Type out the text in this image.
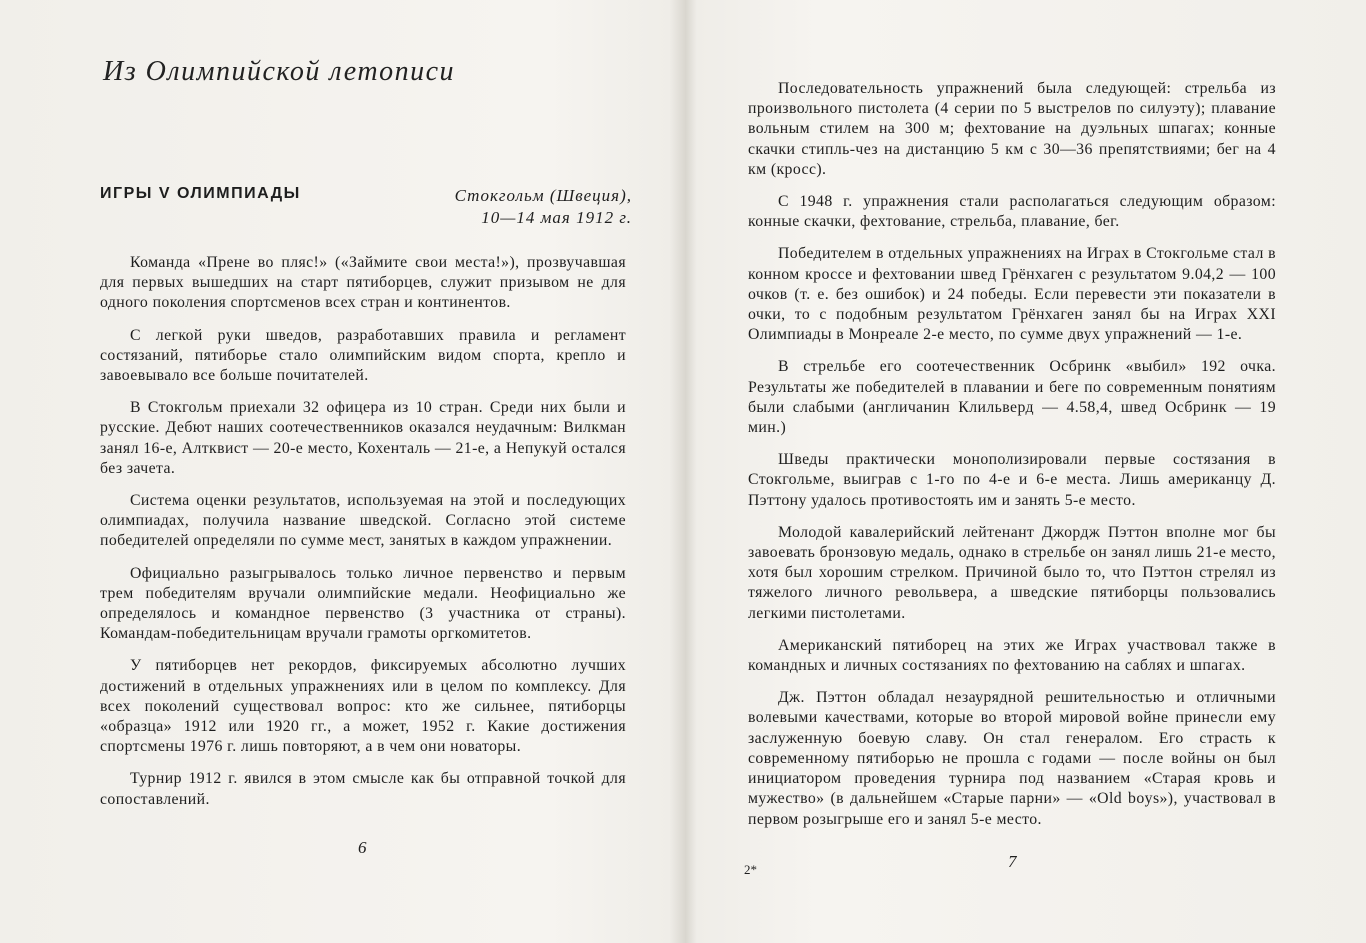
Из Олимпийской летописи
ИГРЫ V ОЛИМПИАДЫ	Стокгольм (Швеция),
10—14 мая 1912 г.

Команда «Прене во пляс!» («Займите свои места!»), прозвучавшая для первых вышедших на старт пятиборцев, служит призывом не для одного поколения спортсменов всех стран и континентов.

С легкой руки шведов, разработавших правила и регламент состязаний, пятиборье стало олимпийским видом спорта, крепло и завоевывало все больше почитателей.

В Стокгольм приехали 32 офицера из 10 стран. Среди них были и русские. Дебют наших соотечественников оказался неудачным: Вилкман занял 16-е, Алтквист — 20-е место, Кохенталь — 21-е, а Непукуй остался без зачета.

Система оценки результатов, используемая на этой и последующих олимпиадах, получила название шведской. Согласно этой системе победителей определяли по сумме мест, занятых в каждом упражнении.

Официально разыгрывалось только личное первенство и первым трем победителям вручали олимпийские медали. Неофициально же определялось и командное первенство (3 участника от страны). Командам-победительницам вручали грамоты оргкомитетов.

У пятиборцев нет рекордов, фиксируемых абсолютно лучших достижений в отдельных упражнениях или в целом по комплексу. Для всех поколений существовал вопрос: кто же сильнее, пятиборцы «образца» 1912 или 1920 гг., а может, 1952 г. Какие достижения спортсмены 1976 г. лишь повторяют, а в чем они новаторы.

Турнир 1912 г. явился в этом смысле как бы отправной точкой для сопоставлений.

6

Последовательность упражнений была следующей: стрельба из произвольного пистолета (4 серии по 5 выстрелов по силуэту); плавание вольным стилем на 300 м; фехтование на дуэльных шпагах; конные скачки стипль-чез на дистанцию 5 км с 30—36 препятствиями; бег на 4 км (кросс).

С 1948 г. упражнения стали располагаться следующим образом: конные скачки, фехтование, стрельба, плавание, бег.

Победителем в отдельных упражнениях на Играх в Стокгольме стал в конном кроссе и фехтовании швед Грёнхаген с результатом 9.04,2 — 100 очков (т. е. без ошибок) и 24 победы. Если перевести эти показатели в очки, то с подобным результатом Грёнхаген занял бы на Играх XXI Олимпиады в Монреале 2-е место, по сумме двух упражнений — 1-е.

В стрельбе его соотечественник Осбринк «выбил» 192 очка. Результаты же победителей в плавании и беге по современным понятиям были слабыми (англичанин Клильверд — 4.58,4, швед Осбринк — 19 мин.)

Шведы практически монополизировали первые состязания в Стокгольме, выиграв с 1-го по 4-е и 6-е места. Лишь американцу Д. Пэттону удалось противостоять им и занять 5-е место.

Молодой кавалерийский лейтенант Джордж Пэттон вполне мог бы завоевать бронзовую медаль, однако в стрельбе он занял лишь 21-е место, хотя был хорошим стрелком. Причиной было то, что Пэттон стрелял из тяжелого личного револьвера, а шведские пятиборцы пользовались легкими пистолетами.

Американский пятиборец на этих же Играх участвовал также в командных и личных состязаниях по фехтованию на саблях и шпагах.

Дж. Пэттон обладал незаурядной решительностью и отличными волевыми качествами, которые во второй мировой войне принесли ему заслуженную боевую славу. Он стал генералом. Его страсть к современному пятиборью не прошла с годами — после войны он был инициатором проведения турнира под названием «Старая кровь и мужество» (в дальнейшем «Старые парни» — «Old boys»), участвовал в первом розыгрыше его и занял 5-е место.

2*	7
